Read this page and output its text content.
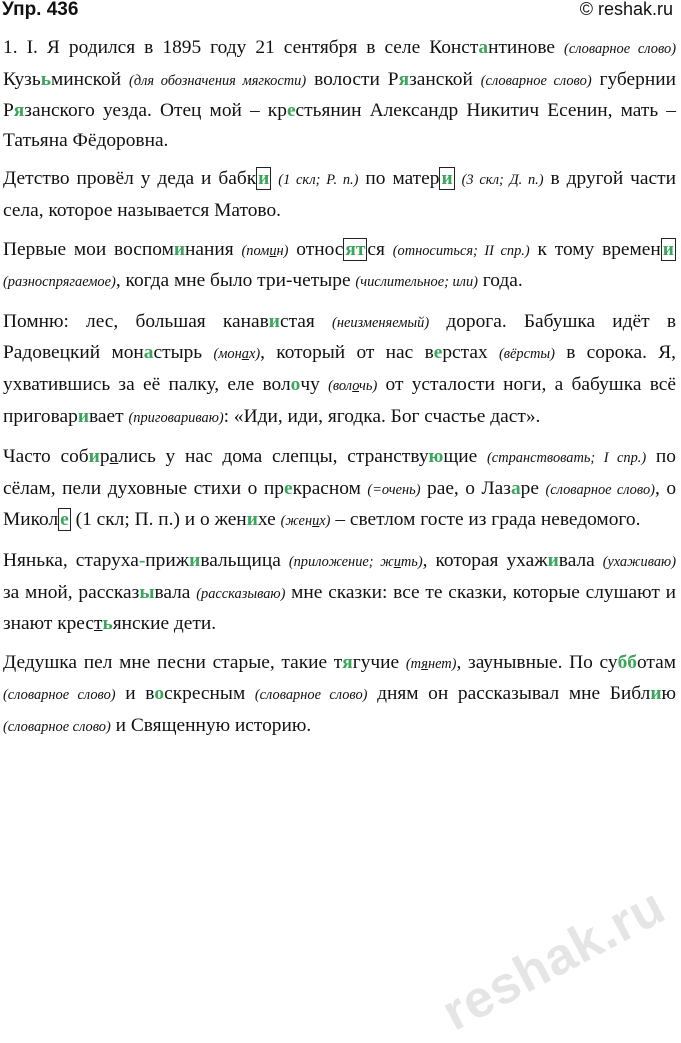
Упр. 436	© reshak.ru

1. I. Я родился в 1895 году 21 сентября в селе Константинове (словарное слово) Кузььминской (для обозначения мягкости) волости Рязанской (словарное слово) губернии Рязанского уезда. Отец мой – крестьянин Александр Никитич Есенин, мать – Татьяна Фёдоровна.

Детство провёл у деда и бабк и (1 скл; Р. п.) по матер и (3 скл; Д. п.) в другой части села, которое называется Матово.

Первые мои воспоминания (помин) относ ят ся (относиться; II спр.) к тому времен и (разноспрягаемое), когда мне было три-четыре (числительное; или) года.

Помню: лес, большая канавистая (неизменяемый) дорога. Бабушка идёт в Радовецкий монастырь (монах), который от нас верстах (вёрсты) в сорока. Я, ухватившись за её палку, еле волочу (волочь) от усталости ноги, а бабушка всё приговаривает (приговариваю): «Иди, иди, ягодка. Бог счастье даст».

Часто собирались у нас дома слепцы, странствующие (странствовать; I спр.) по сёлам, пели духовные стихи о прекрасном (=очень) рае, о Лазаре (словарное слово), о Микол е (1 скл; П. п.) и о женихе (жених) – светлом госте из града неведомого.

Нянька, старуха-приживальщица (приложение; жить), которая ухаживала (ухаживаю) за мной, рассказывала (рассказываю) мне сказки: все те сказки, которые слушают и знают крестьянские дети.

Дедушка пел мне песни старые, такие тягучие (тянет), заунывные. По субботам (словарное слово) и воскресным (словарное слово) дням он рассказывал мне Библию (словарное слово) и Священную историю.

reshak.ru
